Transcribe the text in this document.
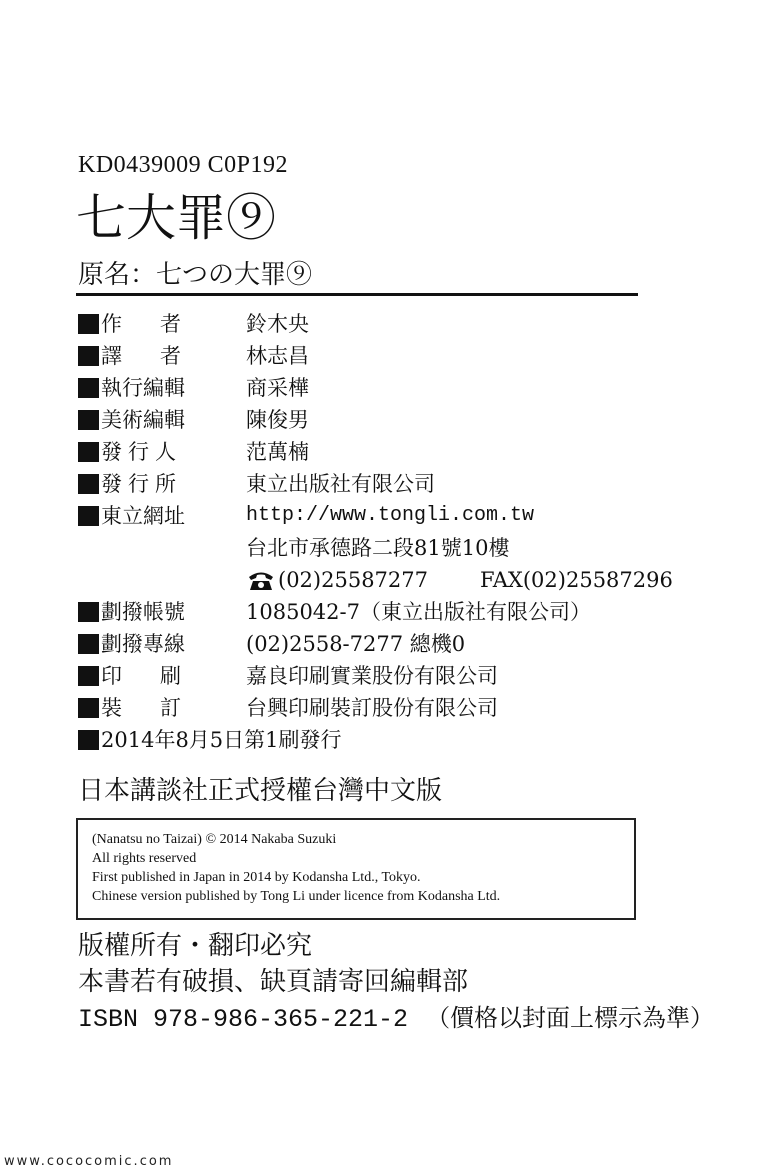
KD0439009 C0P192
七大罪⑨
原名：七つの大罪⑨
作者 鈴木央
譯者 林志昌
執行編輯	商采樺
美術編輯	陳俊男
發行人	范萬楠
發行所	東立出版社有限公司
東立網址	http://www.tongli.com.tw
台北市承德路二段81號10樓
(02)25587277 FAX(02)25587296
劃撥帳號	1085042-7（東立出版社有限公司）
劃撥專線	(02)2558-7277 總機0
印刷 嘉良印刷實業股份有限公司
裝訂 台興印刷裝訂股份有限公司
2014年8月5日第1刷發行
日本講談社正式授權台灣中文版
(Nanatsu no Taizai) © 2014 Nakaba Suzuki
All rights reserved
First published in Japan in 2014 by Kodansha Ltd., Tokyo.
Chinese version published by Tong Li under licence from Kodansha Ltd.
版權所有・翻印必究
本書若有破損、缺頁請寄回編輯部
ISBN 978-986-365-221-2 （價格以封面上標示為準）
www.cococomic.com
